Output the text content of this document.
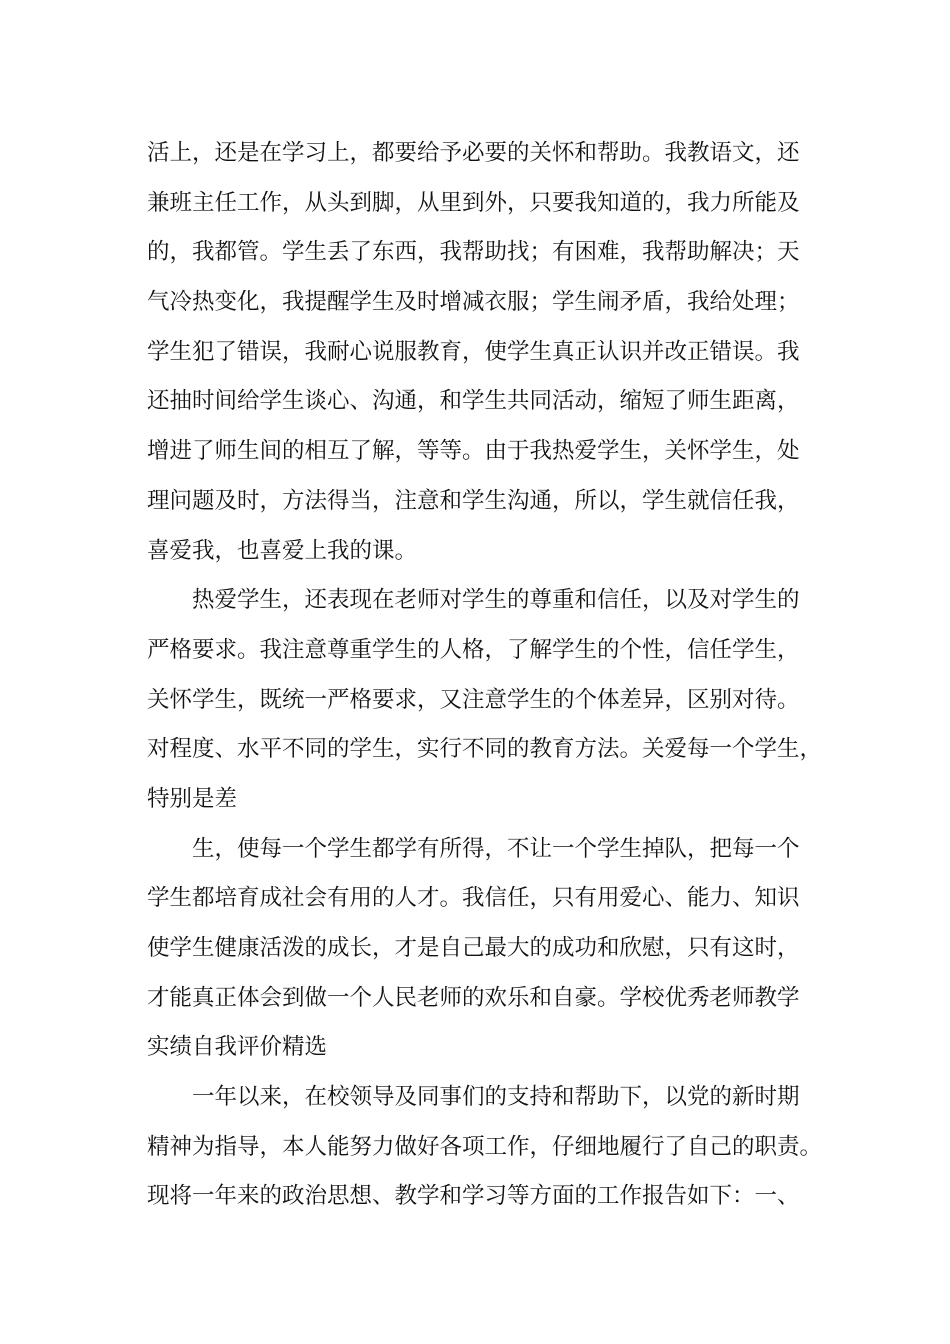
活上，还是在学习上，都要给予必要的关怀和帮助。我教语文，还
兼班主任工作，从头到脚，从里到外，只要我知道的，我力所能及
的，我都管。学生丢了东西，我帮助找；有困难，我帮助解决；天
气冷热变化，我提醒学生及时增减衣服；学生闹矛盾，我给处理；
学生犯了错误，我耐心说服教育，使学生真正认识并改正错误。我
还抽时间给学生谈心、沟通，和学生共同活动，缩短了师生距离，
增进了师生间的相互了解，等等。由于我热爱学生，关怀学生，处
理问题及时，方法得当，注意和学生沟通，所以，学生就信任我，
喜爱我，也喜爱上我的课。
热爱学生，还表现在老师对学生的尊重和信任，以及对学生的
严格要求。我注意尊重学生的人格，了解学生的个性，信任学生，
关怀学生，既统一严格要求，又注意学生的个体差异，区别对待。
对程度、水平不同的学生，实行不同的教育方法。关爱每一个学生，
特别是差
生，使每一个学生都学有所得，不让一个学生掉队，把每一个
学生都培育成社会有用的人才。我信任，只有用爱心、能力、知识
使学生健康活泼的成长，才是自己最大的成功和欣慰，只有这时，
才能真正体会到做一个人民老师的欢乐和自豪。学校优秀老师教学
实绩自我评价精选
一年以来，在校领导及同事们的支持和帮助下，以党的新时期
精神为指导，本人能努力做好各项工作，仔细地履行了自己的职责。
现将一年来的政治思想、教学和学习等方面的工作报告如下：一、
